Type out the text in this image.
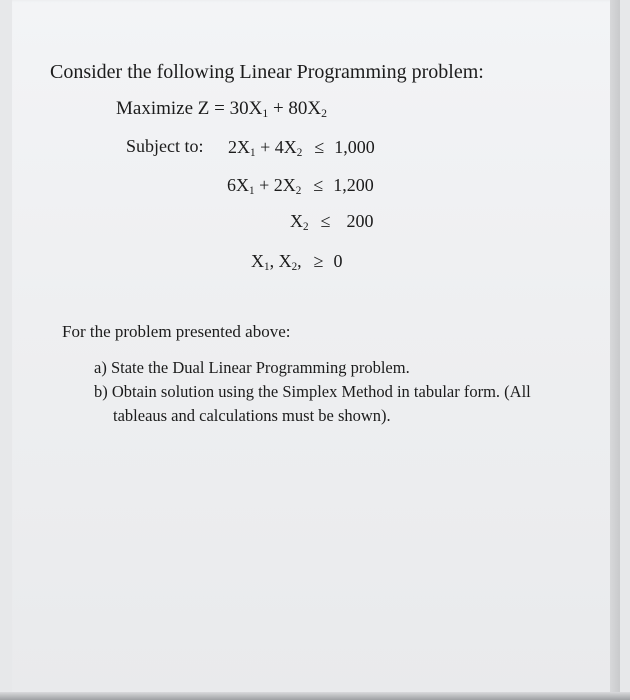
Consider the following Linear Programming problem:
Maximize $Z = 30X_1 + 80X_2$
Subject to: $2X_1 + 4X_2 \le 1,000$
$6X_1 + 2X_2 \le 1,200$
$X_2 \le 200$
$X_1$, $X_2$, ≥ 0
For the problem presented above:
a) State the Dual Linear Programming problem.
b) Obtain solution using the Simplex Method in tabular form. (All
tableaus and calculations must be shown).
